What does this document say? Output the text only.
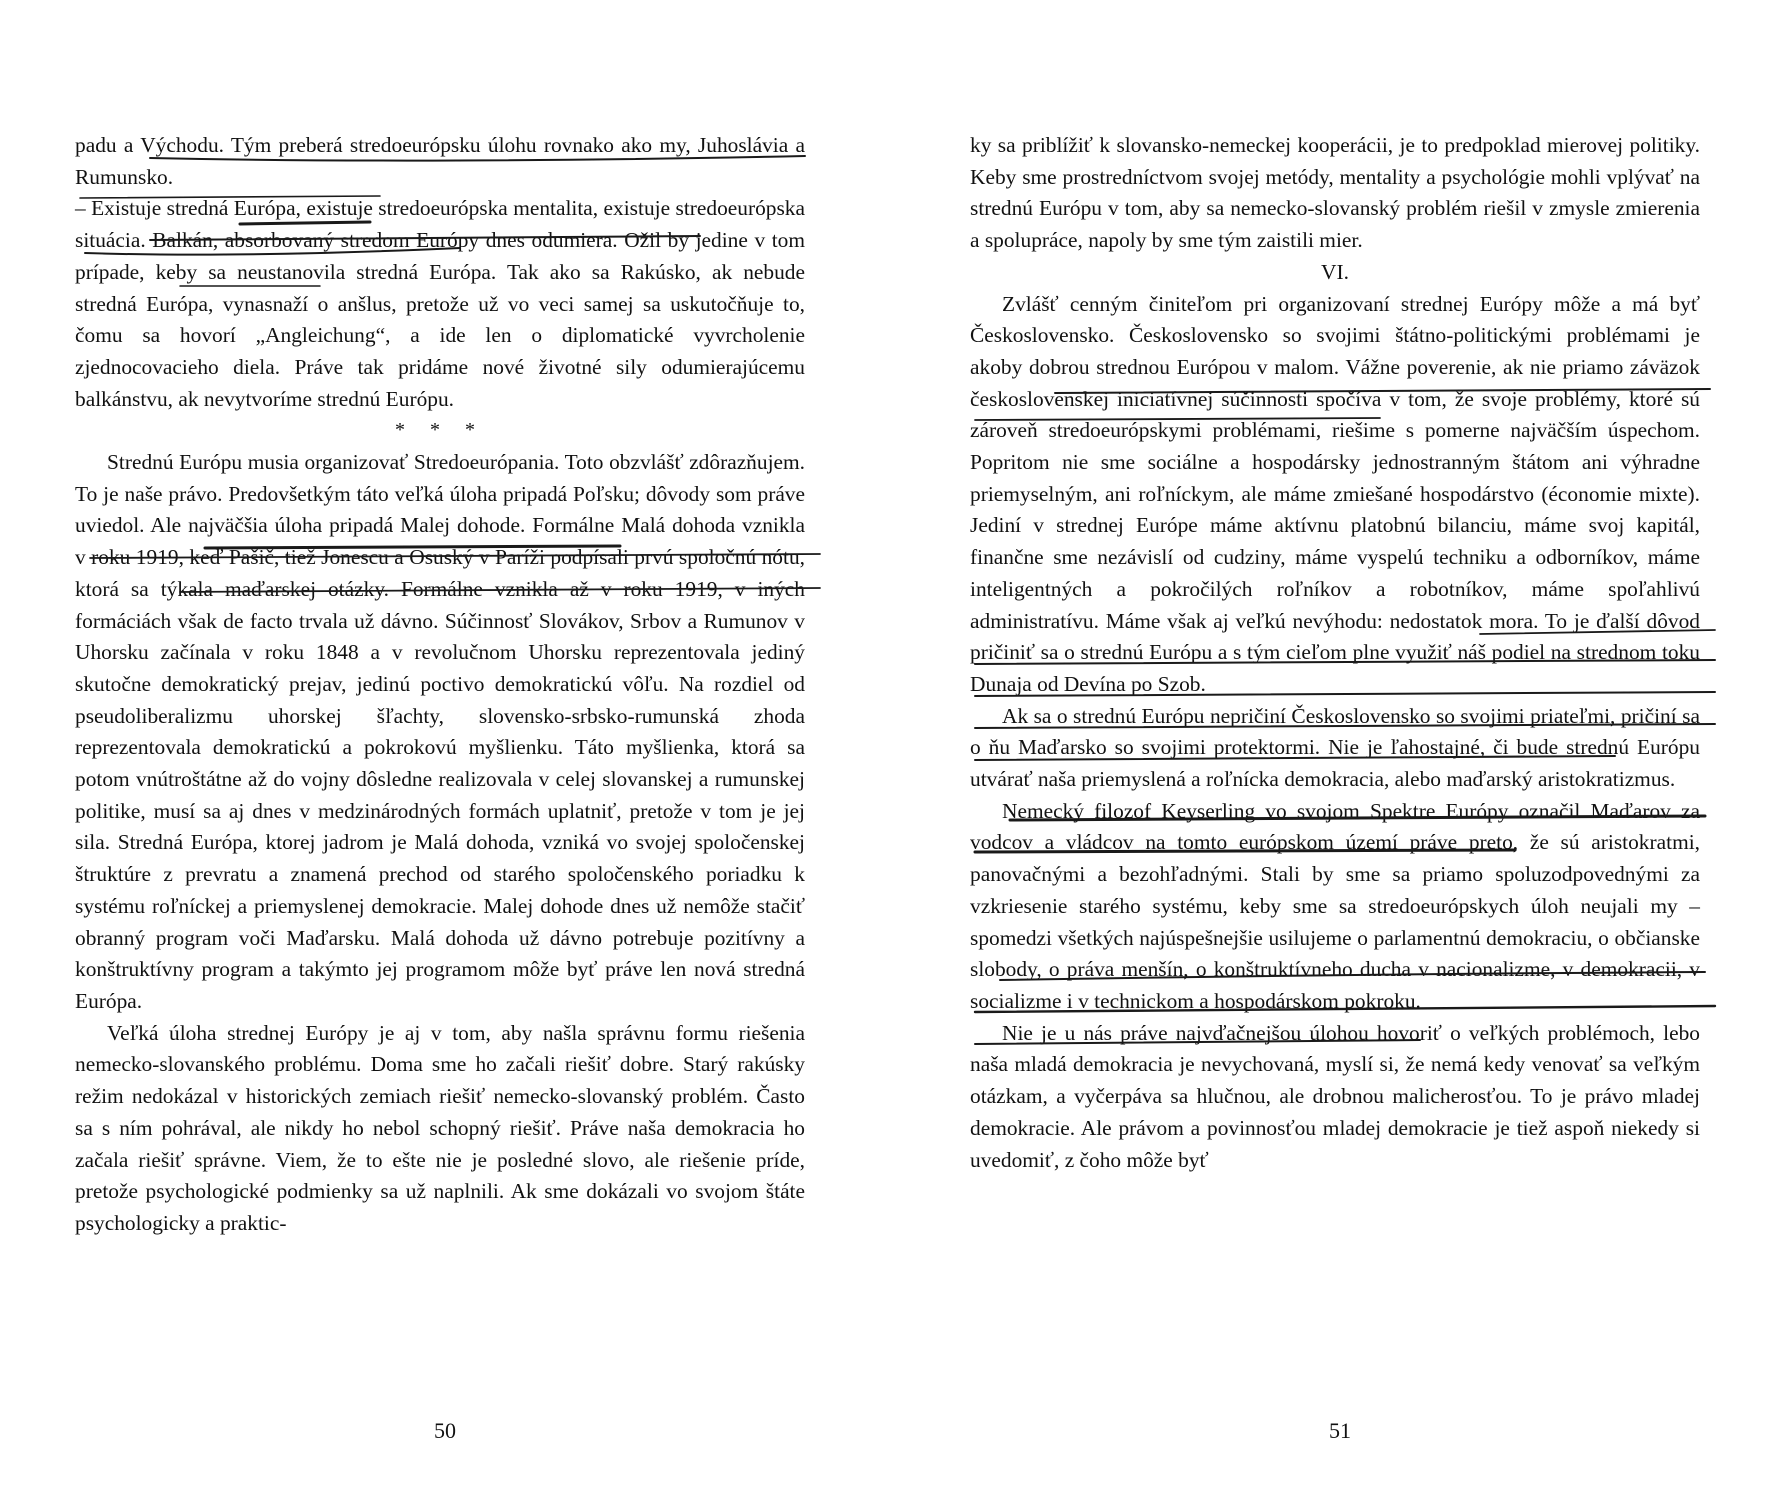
padu a Východu. Tým preberá stredoeurópsku úlohu rovnako ako my, Juhoslávia a Rumunsko.

– Existuje stredná Európa, existuje stredoeurópska mentalita, existuje stredoeurópska situácia. Balkán, absorbovaný stredom Európy dnes odumiera. Ožil by jedine v tom prípade, keby sa neustanovila stredná Európa. Tak ako sa Rakúsko, ak nebude stredná Európa, vynasnaží o anšlus, pretože už vo veci samej sa uskutočňuje to, čomu sa hovorí „Angleichung“, a ide len o diplomatické vyvrcholenie zjednocovacieho diela. Práve tak pridáme nové životné sily odumierajúcemu balkánstvu, ak nevytvoríme strednú Európu.

* * *

Strednú Európu musia organizovať Stredoeurópania. Toto obzvlášť zdôrazňujem. To je naše právo. Predovšetkým táto veľká úloha pripadá Poľsku; dôvody som práve uviedol. Ale najväčšia úloha pripadá Malej dohode. Formálne Malá dohoda vznikla v roku 1919, keď Pašič, tiež Jonescu a Osuský v Paríži podpísali prvú spoločnú nótu, ktorá sa týkala maďarskej otázky. Formálne vznikla až v roku 1919, v iných formáciách však de facto trvala už dávno. Súčinnosť Slovákov, Srbov a Rumunov v Uhorsku začínala v roku 1848 a v revolučnom Uhorsku reprezentovala jediný skutočne demokratický prejav, jedinú poctivo demokratickú vôľu. Na rozdiel od pseudoliberalizmu uhorskej šľachty, slovensko-srbsko-rumunská zhoda reprezentovala demokratickú a pokrokovú myšlienku. Táto myšlienka, ktorá sa potom vnútroštátne až do vojny dôsledne realizovala v celej slovanskej a rumunskej politike, musí sa aj dnes v medzinárodných formách uplatniť, pretože v tom je jej sila. Stredná Európa, ktorej jadrom je Malá dohoda, vzniká vo svojej spoločenskej štruktúre z prevratu a znamená prechod od starého spoločenského poriadku k systému roľníckej a priemyslenej demokracie. Malej dohode dnes už nemôže stačiť obranný program voči Maďarsku. Malá dohoda už dávno potrebuje pozitívny a konštruktívny program a takýmto jej programom môže byť práve len nová stredná Európa.

Veľká úloha strednej Európy je aj v tom, aby našla správnu formu riešenia nemecko-slovanského problému. Doma sme ho začali riešiť dobre. Starý rakúsky režim nedokázal v historických zemiach riešiť nemecko-slovanský problém. Často sa s ním pohrával, ale nikdy ho nebol schopný riešiť. Práve naša demokracia ho začala riešiť správne. Viem, že to ešte nie je posledné slovo, ale riešenie príde, pretože psychologické podmienky sa už naplnili. Ak sme dokázali vo svojom štáte psychologicky a praktic-

ky sa priblížiť k slovansko-nemeckej kooperácii, je to predpoklad mierovej politiky. Keby sme prostredníctvom svojej metódy, mentality a psychológie mohli vplývať na strednú Európu v tom, aby sa nemecko-slovanský problém riešil v zmysle zmierenia a spolupráce, napoly by sme tým zaistili mier.

VI.

Zvlášť cenným činiteľom pri organizovaní strednej Európy môže a má byť Československo. Československo so svojimi štátno-politickými problémami je akoby dobrou strednou Európou v malom. Vážne poverenie, ak nie priamo záväzok československej iniciatívnej súčinnosti spočíva v tom, že svoje problémy, ktoré sú zároveň stredoeurópskymi problémami, riešime s pomerne najväčším úspechom. Popritom nie sme sociálne a hospodársky jednostranným štátom ani výhradne priemyselným, ani roľníckym, ale máme zmiešané hospodárstvo (économie mixte). Jediní v strednej Európe máme aktívnu platobnú bilanciu, máme svoj kapitál, finančne sme nezávislí od cudziny, máme vyspelú techniku a odborníkov, máme inteligentných a pokročilých roľníkov a robotníkov, máme spoľahlivú administratívu. Máme však aj veľkú nevýhodu: nedostatok mora. To je ďalší dôvod pričiniť sa o strednú Európu a s tým cieľom plne využiť náš podiel na strednom toku Dunaja od Devína po Szob.

Ak sa o strednú Európu nepričiní Československo so svojimi priateľmi, pričiní sa o ňu Maďarsko so svojimi protektormi. Nie je ľahostajné, či bude strednú Európu utvárať naša priemyslená a roľnícka demokracia, alebo maďarský aristokratizmus.

Nemecký filozof Keyserling vo svojom Spektre Európy označil Maďarov za vodcov a vládcov na tomto európskom území práve preto, že sú aristokratmi, panovačnými a bezohľadnými. Stali by sme sa priamo spoluzodpovednými za vzkriesenie starého systému, keby sme sa stredoeurópskych úloh neujali my – spomedzi všetkých najúspešnejšie usilujeme o parlamentnú demokraciu, o občianske slobody, o práva menšín, o konštruktívneho ducha v nacionalizme, v demokracii, v socializme i v technickom a hospodárskom pokroku.

Nie je u nás práve najvďačnejšou úlohou hovoriť o veľkých problémoch, lebo naša mladá demokracia je nevychovaná, myslí si, že nemá kedy venovať sa veľkým otázkam, a vyčerpáva sa hlučnou, ale drobnou malicherosťou. To je právo mladej demokracie. Ale právom a povinnosťou mladej demokracie je tiež aspoň niekedy si uvedomiť, z čoho môže byť

50	51
